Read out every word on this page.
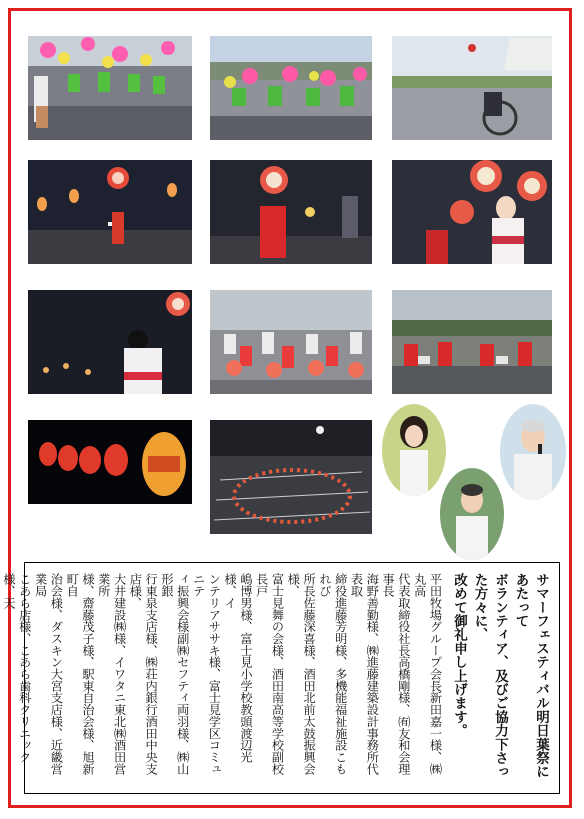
サマーフェスティバル明日葉祭にあたって
ボランティア、及びご協力下さった方々に、
改めて御礼申し上げます。
平田牧場グループ会長新田嘉一様、㈱丸高
代表取締役社長高橋剛様、㈲友和会理事長
海野善勤様、㈱進藤建築設計事務所代表取
締役進藤芳明様、多機能福祉施設こもれび
所長佐藤深喜様、酒田北前太鼓振興会様、
富士見舞の会様、酒田南高等学校副校長戸
嶋博男様、富士見小学校教頭渡辺光様、イ
ンテリアササキ様、富士見学区コミュニテ
ィ振興会様副㈱セフティ両羽様、㈱山形銀
行東泉支店様、㈱荘内銀行酒田中央支店様、
大井建設㈱様、イワタニ東北㈱酒田営業所
様、齋藤茂子様、駅東自治会様、旭新町自
治会様、ダスキン大宮支店様、近畿営業局
こあら店様、こあら歯科クリニック様、天
